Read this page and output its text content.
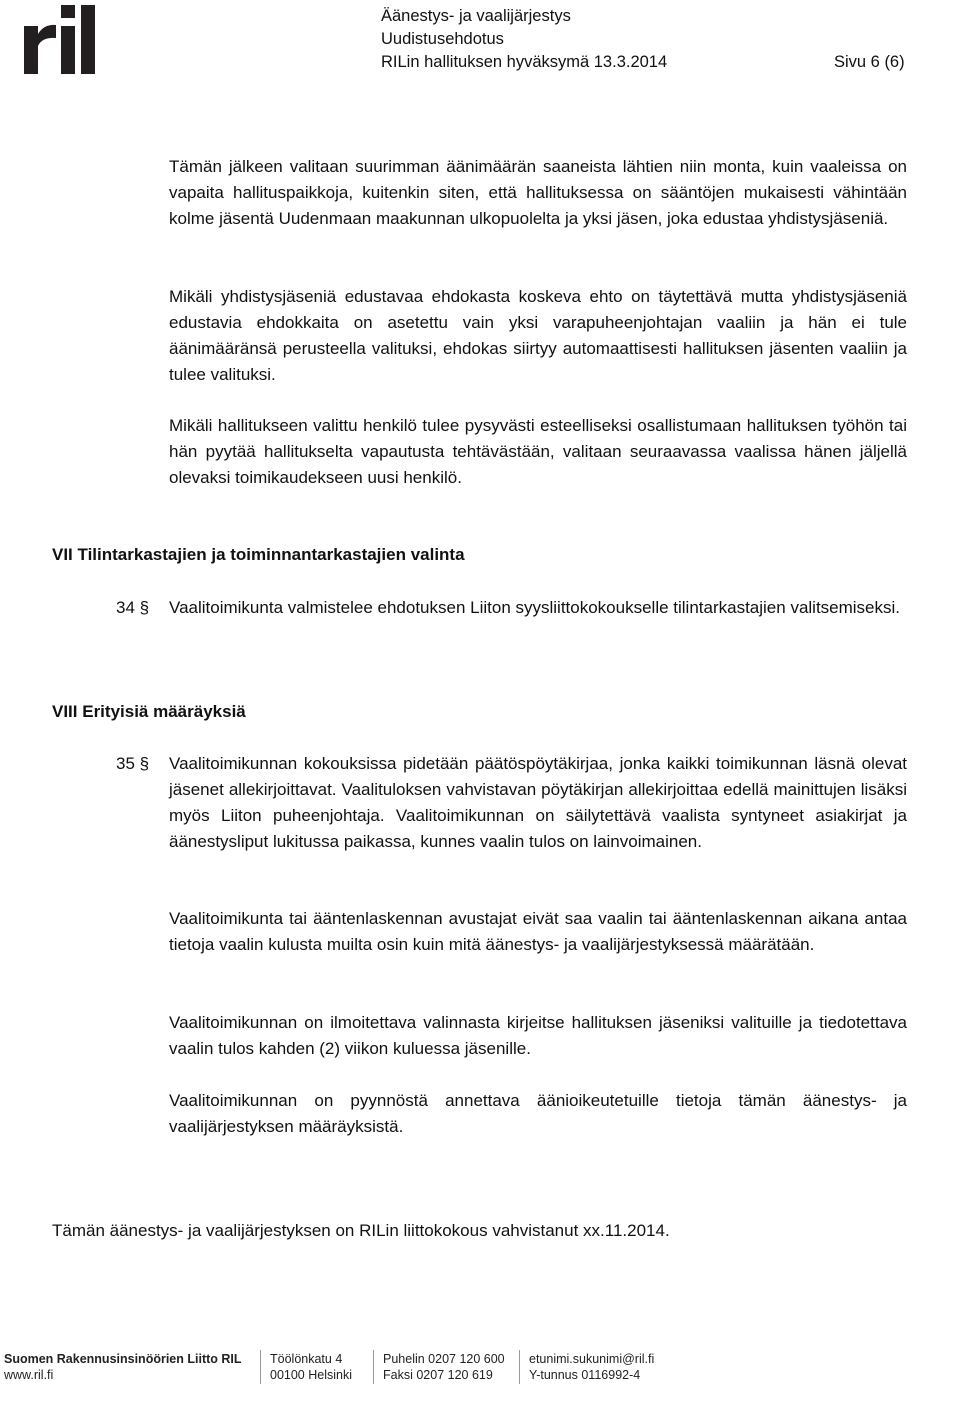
Äänestys- ja vaalijärjestys
Uudistusehdotus
RILin hallituksen hyväksymä 13.3.2014	Sivu 6 (6)
Tämän jälkeen valitaan suurimman äänimäärän saaneista lähtien niin monta, kuin vaaleissa on vapaita hallituspaikkoja, kuitenkin siten, että hallituksessa on sääntöjen mukaisesti vähintään kolme jäsentä Uudenmaan maakunnan ulkopuolelta ja yksi jäsen, joka edustaa yhdistysjäseniä.
Mikäli yhdistysjäseniä edustavaa ehdokasta koskeva ehto on täytettävä mutta yhdistysjäseniä edustavia ehdokkaita on asetettu vain yksi varapuheenjohtajan vaaliin ja hän ei tule äänimääränsä perusteella valituksi, ehdokas siirtyy automaattisesti hallituksen jäsenten vaaliin ja tulee valituksi.
Mikäli hallitukseen valittu henkilö tulee pysyvästi esteelliseksi osallistumaan hallituksen työhön tai hän pyytää hallitukselta vapautusta tehtävästään, valitaan seuraavassa vaalissa hänen jäljellä olevaksi toimikaudekseen uusi henkilö.
VII Tilintarkastajien ja toiminnantarkastajien valinta
34 § Vaalitoimikunta valmistelee ehdotuksen Liiton syysliittokokoukselle tilintarkastajien valitsemiseksi.
VIII Erityisiä määräyksiä
35 § Vaalitoimikunnan kokouksissa pidetään päätöspöytäkirjaa, jonka kaikki toimikunnan läsnä olevat jäsenet allekirjoittavat. Vaalituloksen vahvistavan pöytäkirjan allekirjoittaa edellä mainittujen lisäksi myös Liiton puheenjohtaja. Vaalitoimikunnan on säilytettävä vaalista syntyneet asiakirjat ja äänestysliput lukitussa paikassa, kunnes vaalin tulos on lainvoimainen.
Vaalitoimikunta tai ääntenlaskennan avustajat eivät saa vaalin tai ääntenlaskennan aikana antaa tietoja vaalin kulusta muilta osin kuin mitä äänestys- ja vaalijärjestyksessä määrätään.
Vaalitoimikunnan on ilmoitettava valinnasta kirjeitse hallituksen jäseniksi valituille ja tiedotettava vaalin tulos kahden (2) viikon kuluessa jäsenille.
Vaalitoimikunnan on pyynnöstä annettava äänioikeutetuille tietoja tämän äänestys- ja vaalijärjestyksen määräyksistä.
Tämän äänestys- ja vaalijärjestyksen on RILin liittokokous vahvistanut xx.11.2014.
Suomen Rakennusinsinöörien Liitto RIL
www.ril.fi
Töölönkatu 4
00100 Helsinki
Puhelin 0207 120 600
Faksi 0207 120 619
etunimi.sukunimi@ril.fi
Y-tunnus 0116992-4
